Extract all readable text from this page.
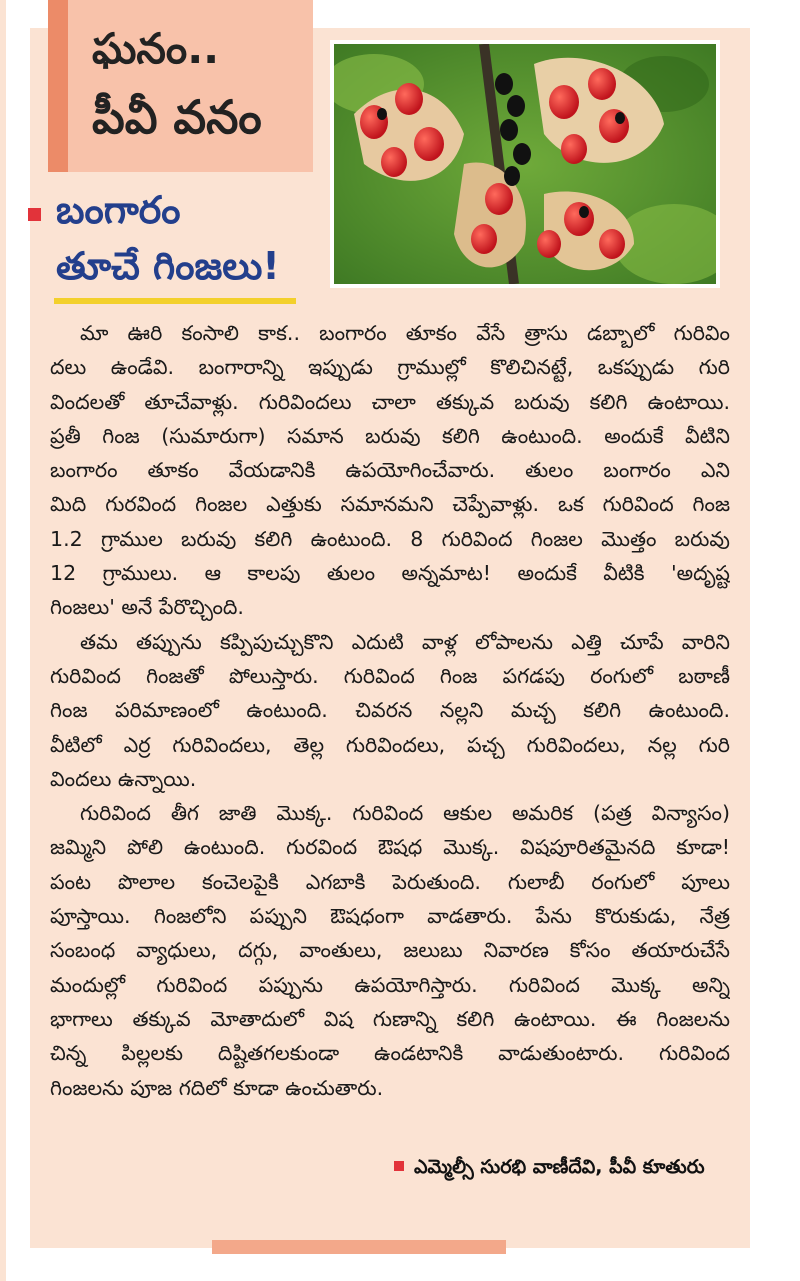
ఘనం..
పీవీ వనం
బంగారం
తూచే గింజలు!
మా ఊరి కంసాలి కాక.. బంగారం తూకం వేసే త్రాసు డబ్బాలో గురివిం
దలు ఉండేవి. బంగారాన్ని ఇప్పుడు గ్రాముల్లో కొలిచినట్టే, ఒకప్పుడు గురి
విందలతో తూచేవాళ్లు. గురివిందలు చాలా తక్కువ బరువు కలిగి ఉంటాయి.
ప్రతీ గింజ (సుమారుగా) సమాన బరువు కలిగి ఉంటుంది. అందుకే వీటిని
బంగారం తూకం వేయడానికి ఉపయోగించేవారు. తులం బంగారం ఎని
మిది గురవింద గింజల ఎత్తుకు సమానమని చెప్పేవాళ్లు. ఒక గురివింద గింజ
1.2 గ్రాముల బరువు కలిగి ఉంటుంది. 8 గురివింద గింజల మొత్తం బరువు
12 గ్రాములు. ఆ కాలపు తులం అన్నమాట! అందుకే వీటికి 'అదృష్ట
గింజలు' అనే పేరొచ్చింది.
తమ తప్పును కప్పిపుచ్చుకొని ఎదుటి వాళ్ల లోపాలను ఎత్తి చూపే వారిని
గురివింద గింజతో పోలుస్తారు. గురివింద గింజ పగడపు రంగులో బఠాణీ
గింజ పరిమాణంలో ఉంటుంది. చివరన నల్లని మచ్చ కలిగి ఉంటుంది.
వీటిలో ఎర్ర గురివిందలు, తెల్ల గురివిందలు, పచ్చ గురివిందలు, నల్ల గురి
విందలు ఉన్నాయి.
గురివింద తీగ జాతి మొక్క. గురివింద ఆకుల అమరిక (పత్ర విన్యాసం)
జమ్మిని పోలి ఉంటుంది. గురవింద ఔషధ మొక్క. విషపూరితమైనది కూడా!
పంట పొలాల కంచెలపైకి ఎగబాకి పెరుతుంది. గులాబీ రంగులో పూలు
పూస్తాయి. గింజలోని పప్పుని ఔషధంగా వాడతారు. పేను కొరుకుడు, నేత్ర
సంబంధ వ్యాధులు, దగ్గు, వాంతులు, జలుబు నివారణ కోసం తయారుచేసే
మందుల్లో గురివింద పప్పును ఉపయోగిస్తారు. గురివింద మొక్క అన్ని
భాగాలు తక్కువ మోతాదులో విష గుణాన్ని కలిగి ఉంటాయి. ఈ గింజలను
చిన్న పిల్లలకు దిష్టితగలకుండా ఉండటానికి వాడుతుంటారు. గురివింద
గింజలను పూజ గదిలో కూడా ఉంచుతారు.
ఎమ్మెల్సీ సురభి వాణీదేవి, పీవీ కూతురు
